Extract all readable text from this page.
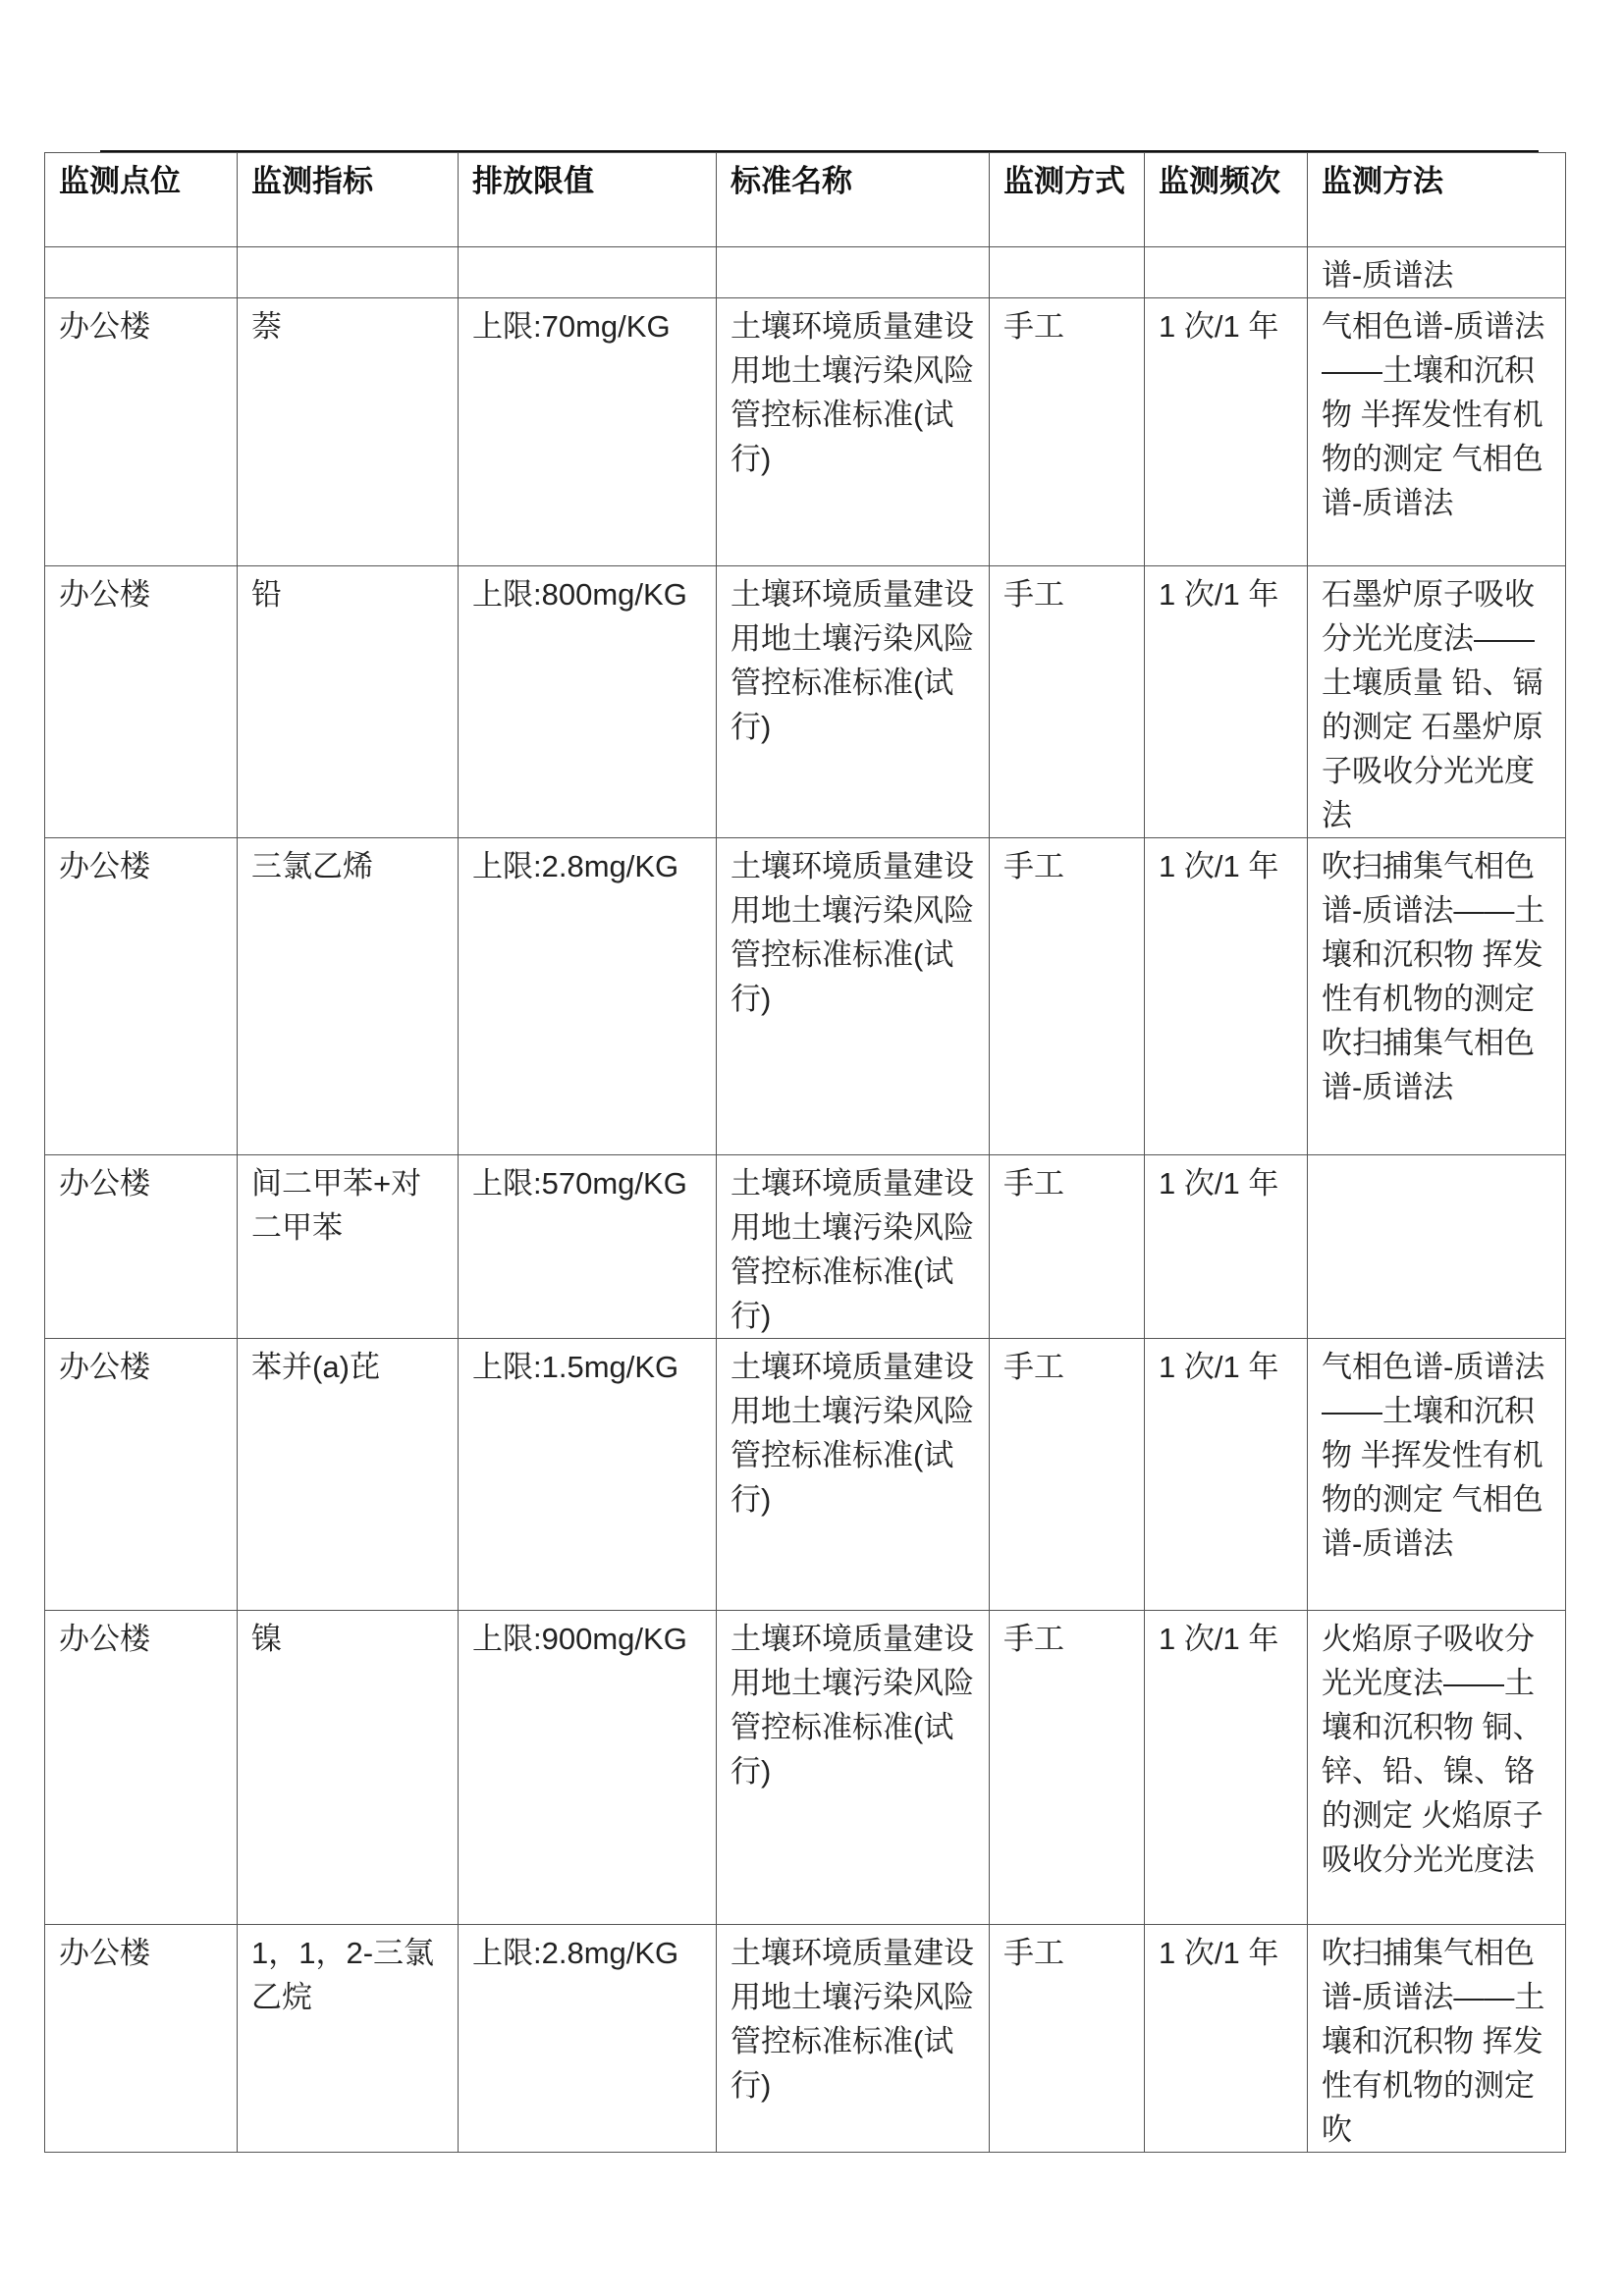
监测点位	监测指标	排放限值	标准名称	监测方式	监测频次	监测方法
						谱-质谱法
办公楼	萘	上限:70mg/KG	土壤环境质量建设用地土壤污染风险管控标准标准(试行)	手工	1 次/1 年	气相色谱-质谱法——土壤和沉积物 半挥发性有机物的测定 气相色谱-质谱法
办公楼	铅	上限:800mg/KG	土壤环境质量建设用地土壤污染风险管控标准标准(试行)	手工	1 次/1 年	石墨炉原子吸收分光光度法——土壤质量 铅、镉的测定 石墨炉原子吸收分光光度法
办公楼	三氯乙烯	上限:2.8mg/KG	土壤环境质量建设用地土壤污染风险管控标准标准(试行)	手工	1 次/1 年	吹扫捕集气相色谱-质谱法——土壤和沉积物 挥发性有机物的测定 吹扫捕集气相色谱-质谱法
办公楼	间二甲苯+对二甲苯	上限:570mg/KG	土壤环境质量建设用地土壤污染风险管控标准标准(试行)	手工	1 次/1 年	
办公楼	苯并(a)芘	上限:1.5mg/KG	土壤环境质量建设用地土壤污染风险管控标准标准(试行)	手工	1 次/1 年	气相色谱-质谱法——土壤和沉积物 半挥发性有机物的测定 气相色谱-质谱法
办公楼	镍	上限:900mg/KG	土壤环境质量建设用地土壤污染风险管控标准标准(试行)	手工	1 次/1 年	火焰原子吸收分光光度法——土壤和沉积物 铜、锌、铅、镍、铬的测定 火焰原子吸收分光光度法
办公楼	1，1，2-三氯乙烷	上限:2.8mg/KG	土壤环境质量建设用地土壤污染风险管控标准标准(试行)	手工	1 次/1 年	吹扫捕集气相色谱-质谱法——土壤和沉积物 挥发性有机物的测定 吹
